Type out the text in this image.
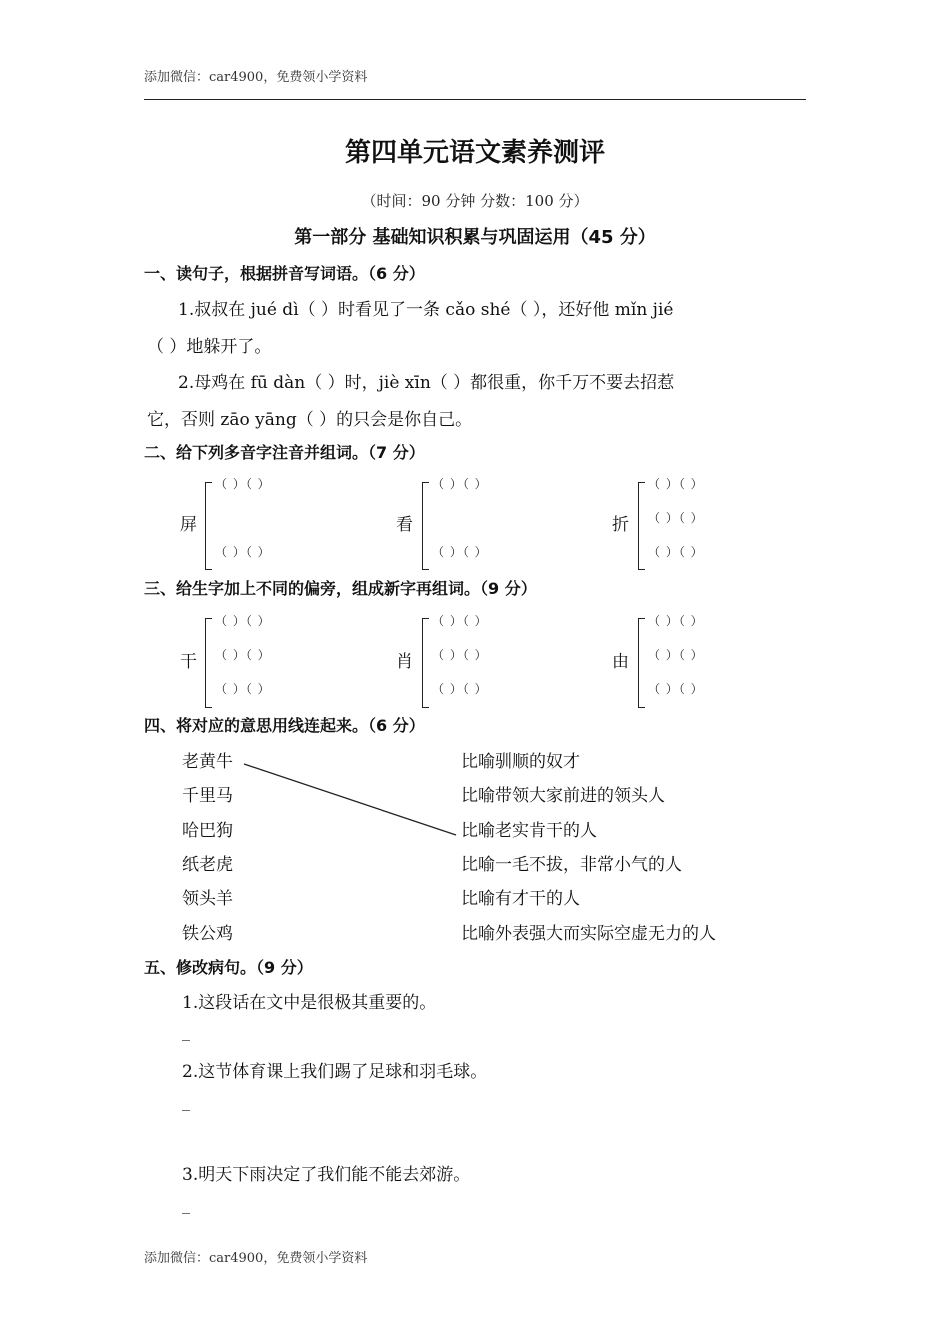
添加微信：car4900，免费领小学资料
第四单元语文素养测评
（时间：90 分钟 分数：100 分）
第一部分 基础知识积累与巩固运用（45 分）
一、读句子，根据拼音写词语。（6 分）
1.叔叔在 jué dì（ ）时看见了一条 cǎo shé（ ），还好他 mǐn jié
（ ）地躲开了。
2.母鸡在 fū dàn（ ）时，jiè xīn（ ）都很重，你千万不要去招惹
它，否则 zāo yāng（ ）的只会是你自己。
二、给下列多音字注音并组词。（7 分）
屏
（ ）（ ）
（ ）（ ）
看
（ ）（ ）
（ ）（ ）
折
（ ）（ ）
（ ）（ ）
（ ）（ ）
三、给生字加上不同的偏旁，组成新字再组词。（9 分）
干
（ ）（ ）
（ ）（ ）
（ ）（ ）
肖
（ ）（ ）
（ ）（ ）
（ ）（ ）
由
（ ）（ ）
（ ）（ ）
（ ）（ ）
四、将对应的意思用线连起来。（6 分）
老黄牛
千里马
哈巴狗
纸老虎
领头羊
铁公鸡
比喻驯顺的奴才
比喻带领大家前进的领头人
比喻老实肯干的人
比喻一毛不拔，非常小气的人
比喻有才干的人
比喻外表强大而实际空虚无力的人
五、修改病句。（9 分）
1.这段话在文中是很极其重要的。
_
2.这节体育课上我们踢了足球和羽毛球。
_
3.明天下雨决定了我们能不能去郊游。
_
添加微信：car4900，免费领小学资料
